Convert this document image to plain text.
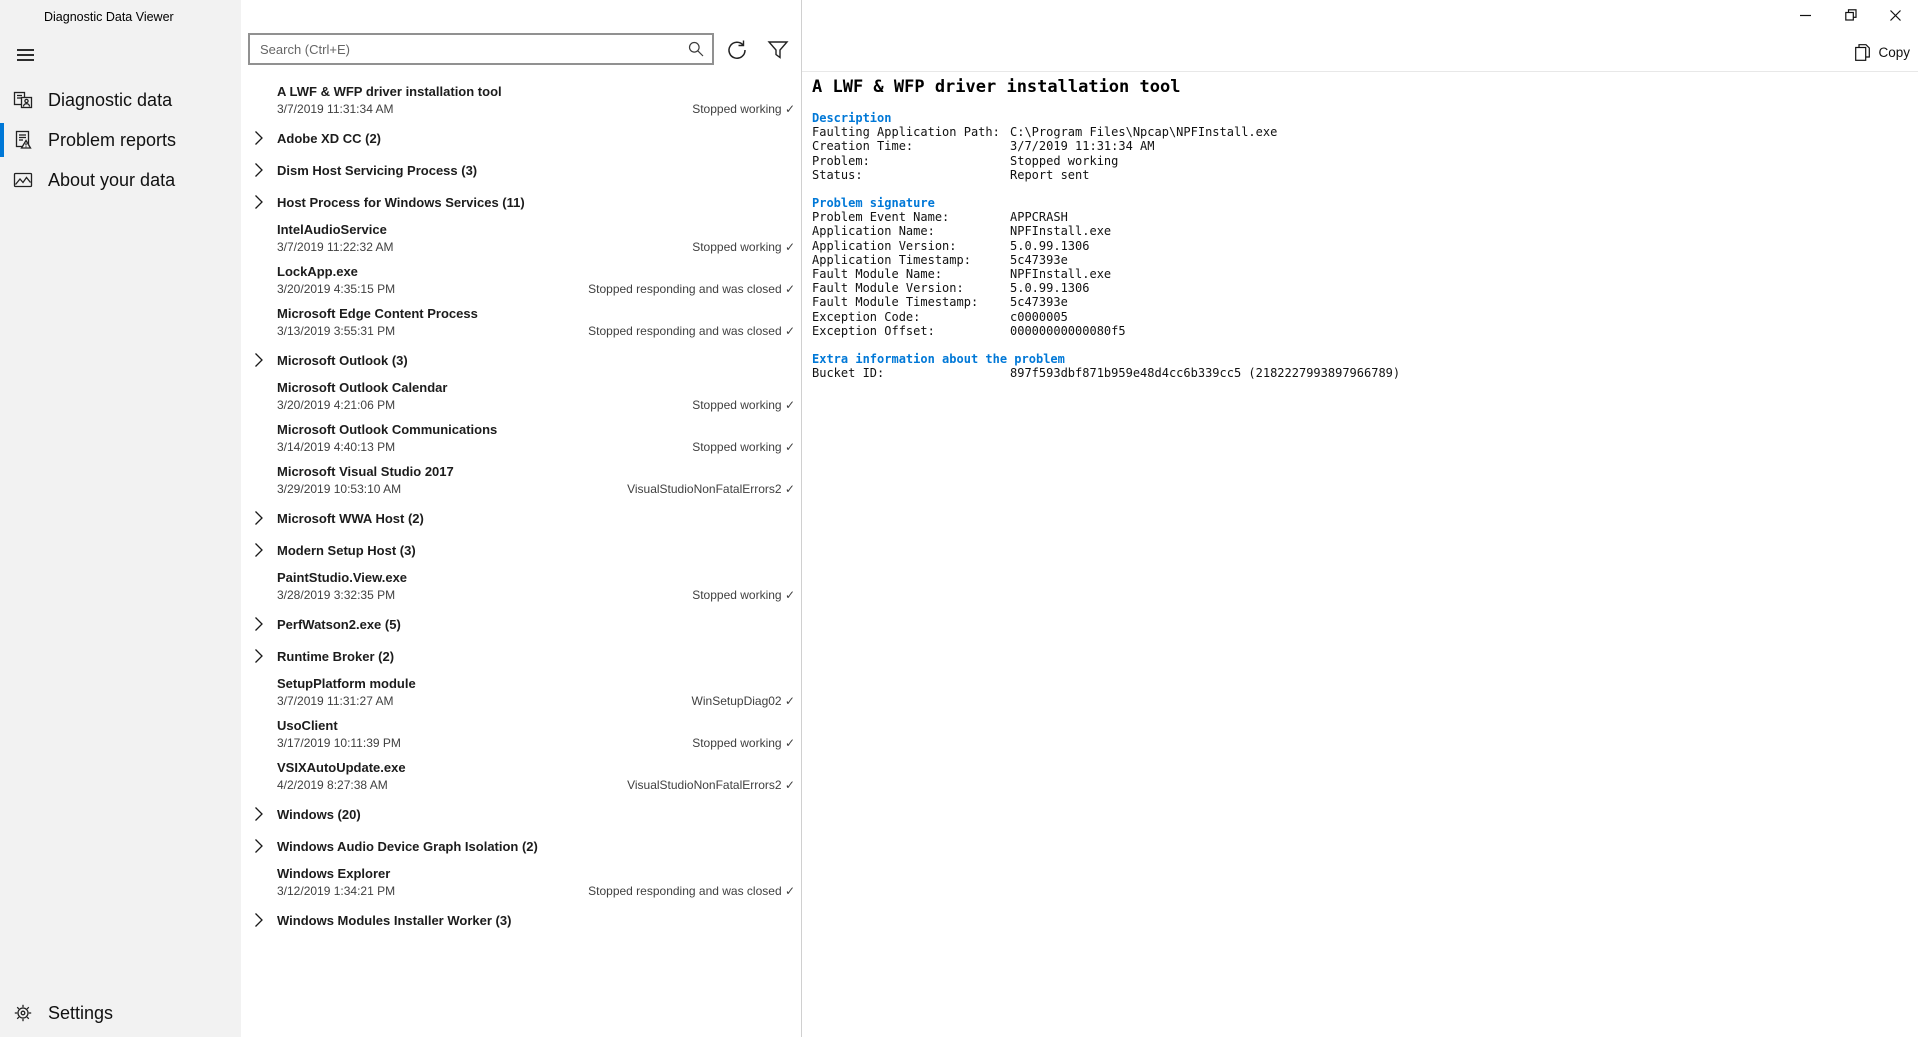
Diagnostic Data Viewer
Diagnostic data
Problem reports
About your data
Settings
Search (Ctrl+E)
A LWF & WFP driver installation tool
3/7/2019 11:31:34 AM	Stopped working ✓
Adobe XD CC (2)
Dism Host Servicing Process (3)
Host Process for Windows Services (11)
IntelAudioService
3/7/2019 11:22:32 AM	Stopped working ✓
LockApp.exe
3/20/2019 4:35:15 PM	Stopped responding and was closed ✓
Microsoft Edge Content Process
3/13/2019 3:55:31 PM	Stopped responding and was closed ✓
Microsoft Outlook (3)
Microsoft Outlook Calendar
3/20/2019 4:21:06 PM	Stopped working ✓
Microsoft Outlook Communications
3/14/2019 4:40:13 PM	Stopped working ✓
Microsoft Visual Studio 2017
3/29/2019 10:53:10 AM	VisualStudioNonFatalErrors2 ✓
Microsoft WWA Host (2)
Modern Setup Host (3)
PaintStudio.View.exe
3/28/2019 3:32:35 PM	Stopped working ✓
PerfWatson2.exe (5)
Runtime Broker (2)
SetupPlatform module
3/7/2019 11:31:27 AM	WinSetupDiag02 ✓
UsoClient
3/17/2019 10:11:39 PM	Stopped working ✓
VSIXAutoUpdate.exe
4/2/2019 8:27:38 AM	VisualStudioNonFatalErrors2 ✓
Windows (20)
Windows Audio Device Graph Isolation (2)
Windows Explorer
3/12/2019 1:34:21 PM	Stopped responding and was closed ✓
Windows Modules Installer Worker (3)
Copy
A LWF & WFP driver installation tool
Description
Faulting Application Path: C:\Program Files\Npcap\NPFInstall.exe
Creation Time:	3/7/2019 11:31:34 AM
Problem:	Stopped working
Status:	Report sent
Problem signature
Problem Event Name:	APPCRASH
Application Name:	NPFInstall.exe
Application Version:	5.0.99.1306
Application Timestamp:	5c47393e
Fault Module Name:	NPFInstall.exe
Fault Module Version:	5.0.99.1306
Fault Module Timestamp:	5c47393e
Exception Code:	c0000005
Exception Offset:	00000000000080f5
Extra information about the problem
Bucket ID:	897f593dbf871b959e48d4cc6b339cc5 (2182227993897966789)
